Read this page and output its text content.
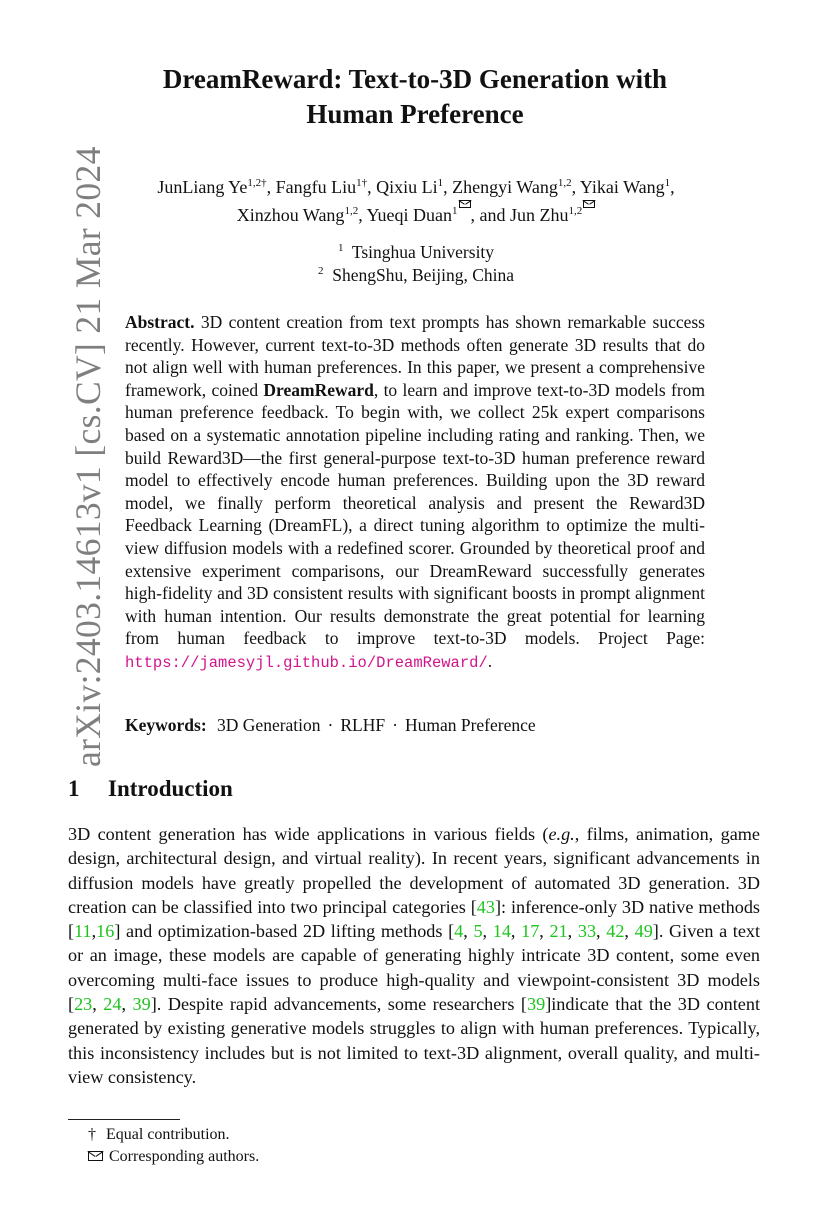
arXiv:2403.14613v1 [cs.CV] 21 Mar 2024
DreamReward: Text-to-3D Generation with Human Preference
JunLiang $Ye^{1,2\dagger}$, Fangfu Liu$^{1\dagger}$, Qixiu Li$^1$, Zhengyi Wang$^{1,2}$, Yikai Wang$^1$,
Xinzhou Wang$^{1,2}$, Yueqi Duan$^1$ , and Jun Zhu$^{1,2}$
$^1$ Tsinghua University
$^2$ ShengShu, Beijing, China
Abstract. 3D content creation from text prompts has shown remarkable success recently. However, current text-to-3D methods often generate 3D results that do not align well with human preferences. In this paper, we present a comprehensive framework, coined DreamReward, to learn and improve text-to-3D models from human preference feedback. To begin with, we collect 25k expert comparisons based on a systematic annotation pipeline including rating and ranking. Then, we build Reward3D—the first general-purpose text-to-3D human preference reward model to effectively encode human preferences. Building upon the 3D reward model, we finally perform theoretical analysis and present the Reward3D Feedback Learning (DreamFL), a direct tuning algorithm to optimize the multi-view diffusion models with a redefined scorer. Grounded by theoretical proof and extensive experiment comparisons, our DreamReward successfully generates high-fidelity and 3D consistent results with significant boosts in prompt alignment with human intention. Our results demonstrate the great potential for learning from human feedback to improve text-to-3D models. Project Page: https://jamesyjl.github.io/DreamReward/.
Keywords: 3D Generation · RLHF · Human Preference
1 Introduction
3D content generation has wide applications in various fields (e.g., films, animation, game design, architectural design, and virtual reality). In recent years, significant advancements in diffusion models have greatly propelled the development of automated 3D generation. 3D creation can be classified into two principal categories [43]: inference-only 3D native methods [11,16] and optimization-based 2D lifting methods [4, 5, 14, 17, 21, 33, 42, 49]. Given a text or an image, these models are capable of generating highly intricate 3D content, some even overcoming multi-face issues to produce high-quality and viewpoint-consistent 3D models [23, 24, 39]. Despite rapid advancements, some researchers [39]indicate that the 3D content generated by existing generative models struggles to align with human preferences. Typically, this inconsistency includes but is not limited to text-3D alignment, overall quality, and multi-view consistency.
† Equal contribution.
Corresponding authors.
